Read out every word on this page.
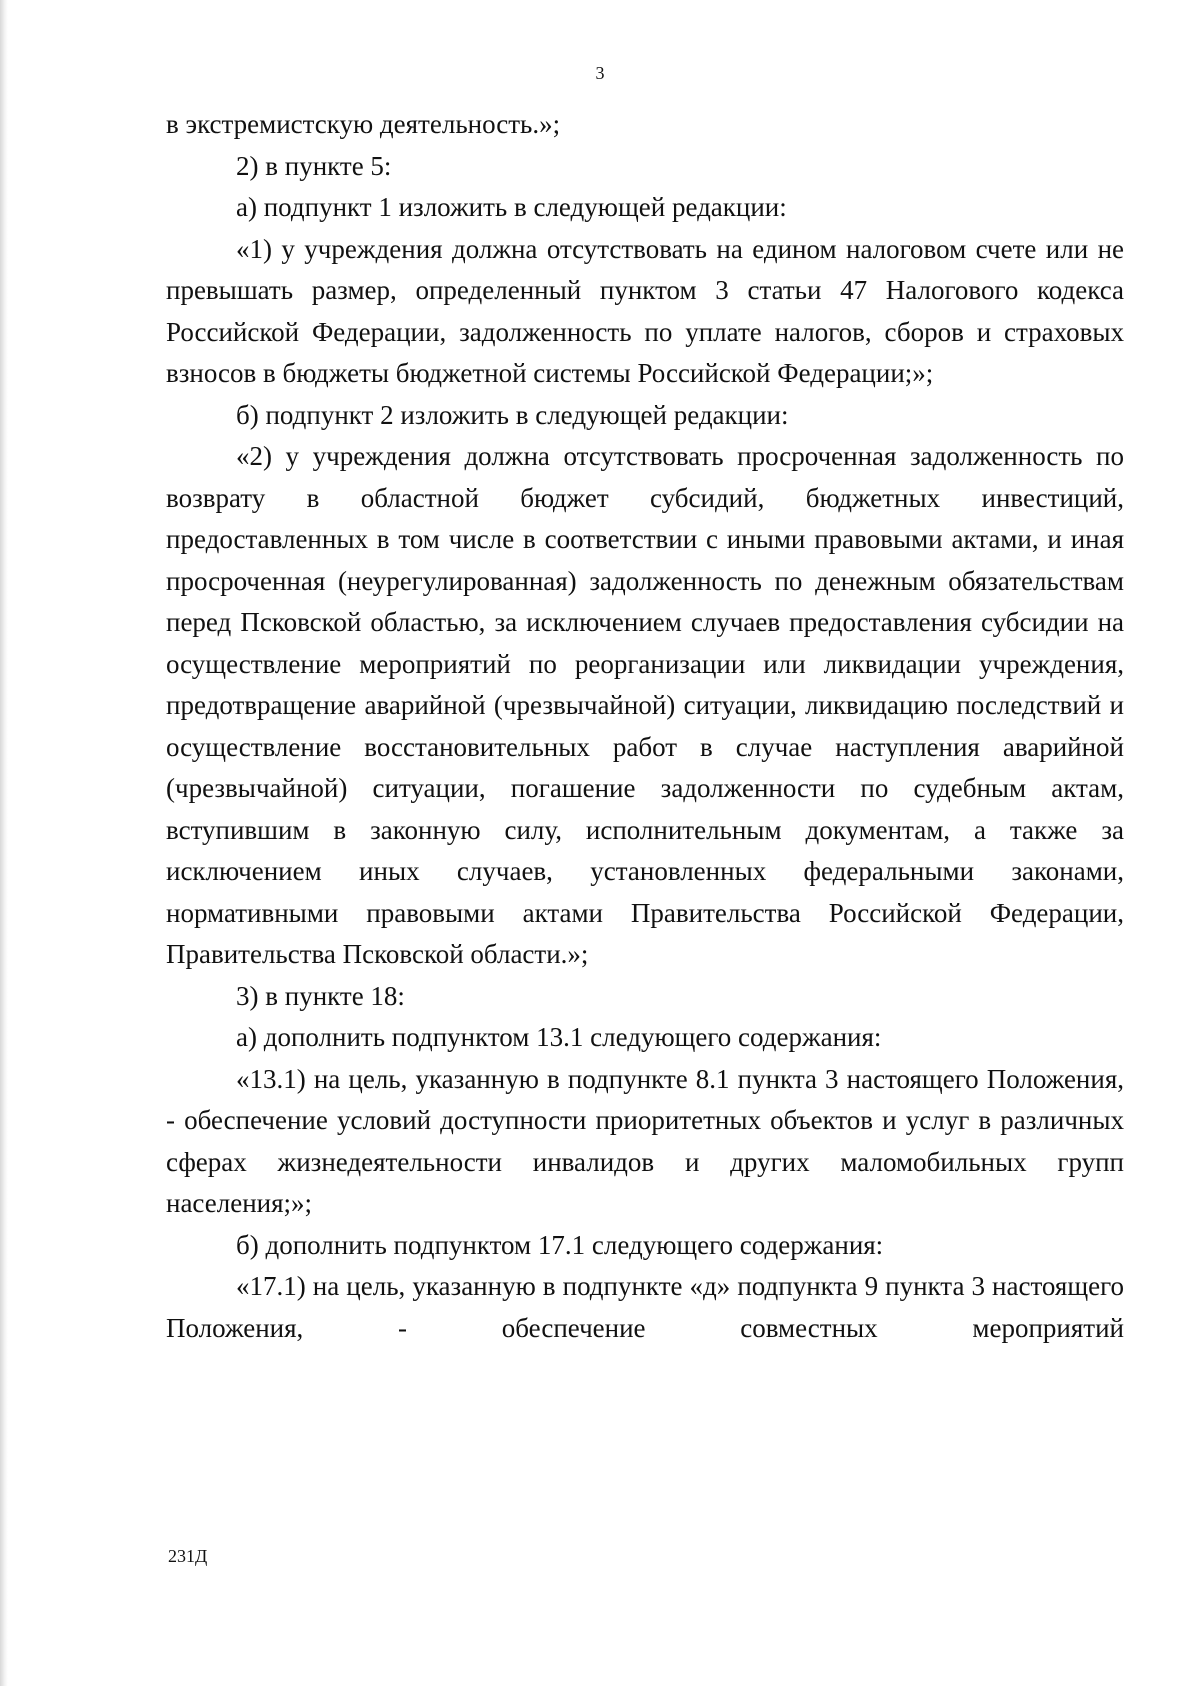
3

в экстремистскую деятельность.»;

2) в пункте 5:

а) подпункт 1 изложить в следующей редакции:

«1) у учреждения должна отсутствовать на едином налоговом счете или не превышать размер, определенный пунктом 3 статьи 47 Налогового кодекса Российской Федерации, задолженность по уплате налогов, сборов и страховых взносов в бюджеты бюджетной системы Российской Федерации;»;

б) подпункт 2 изложить в следующей редакции:

«2) у учреждения должна отсутствовать просроченная задолженность по возврату в областной бюджет субсидий, бюджетных инвестиций, предоставленных в том числе в соответствии с иными правовыми актами, и иная просроченная (неурегулированная) задолженность по денежным обязательствам перед Псковской областью, за исключением случаев предоставления субсидии на осуществление мероприятий по реорганизации или ликвидации учреждения, предотвращение аварийной (чрезвычайной) ситуации, ликвидацию последствий и осуществление восстановительных работ в случае наступления аварийной (чрезвычайной) ситуации, погашение задолженности по судебным актам, вступившим в законную силу, исполнительным документам, а также за исключением иных случаев, установленных федеральными законами, нормативными правовыми актами Правительства Российской Федерации, Правительства Псковской области.»;

3) в пункте 18:

а) дополнить подпунктом 13.1 следующего содержания:

«13.1) на цель, указанную в подпункте 8.1 пункта 3 настоящего Положения, - обеспечение условий доступности приоритетных объектов и услуг в различных сферах жизнедеятельности инвалидов и других маломобильных групп населения;»;

б) дополнить подпунктом 17.1 следующего содержания:

«17.1) на цель, указанную в подпункте «д» подпункта 9 пункта 3 настоящего Положения, - обеспечение совместных мероприятий

231Д
